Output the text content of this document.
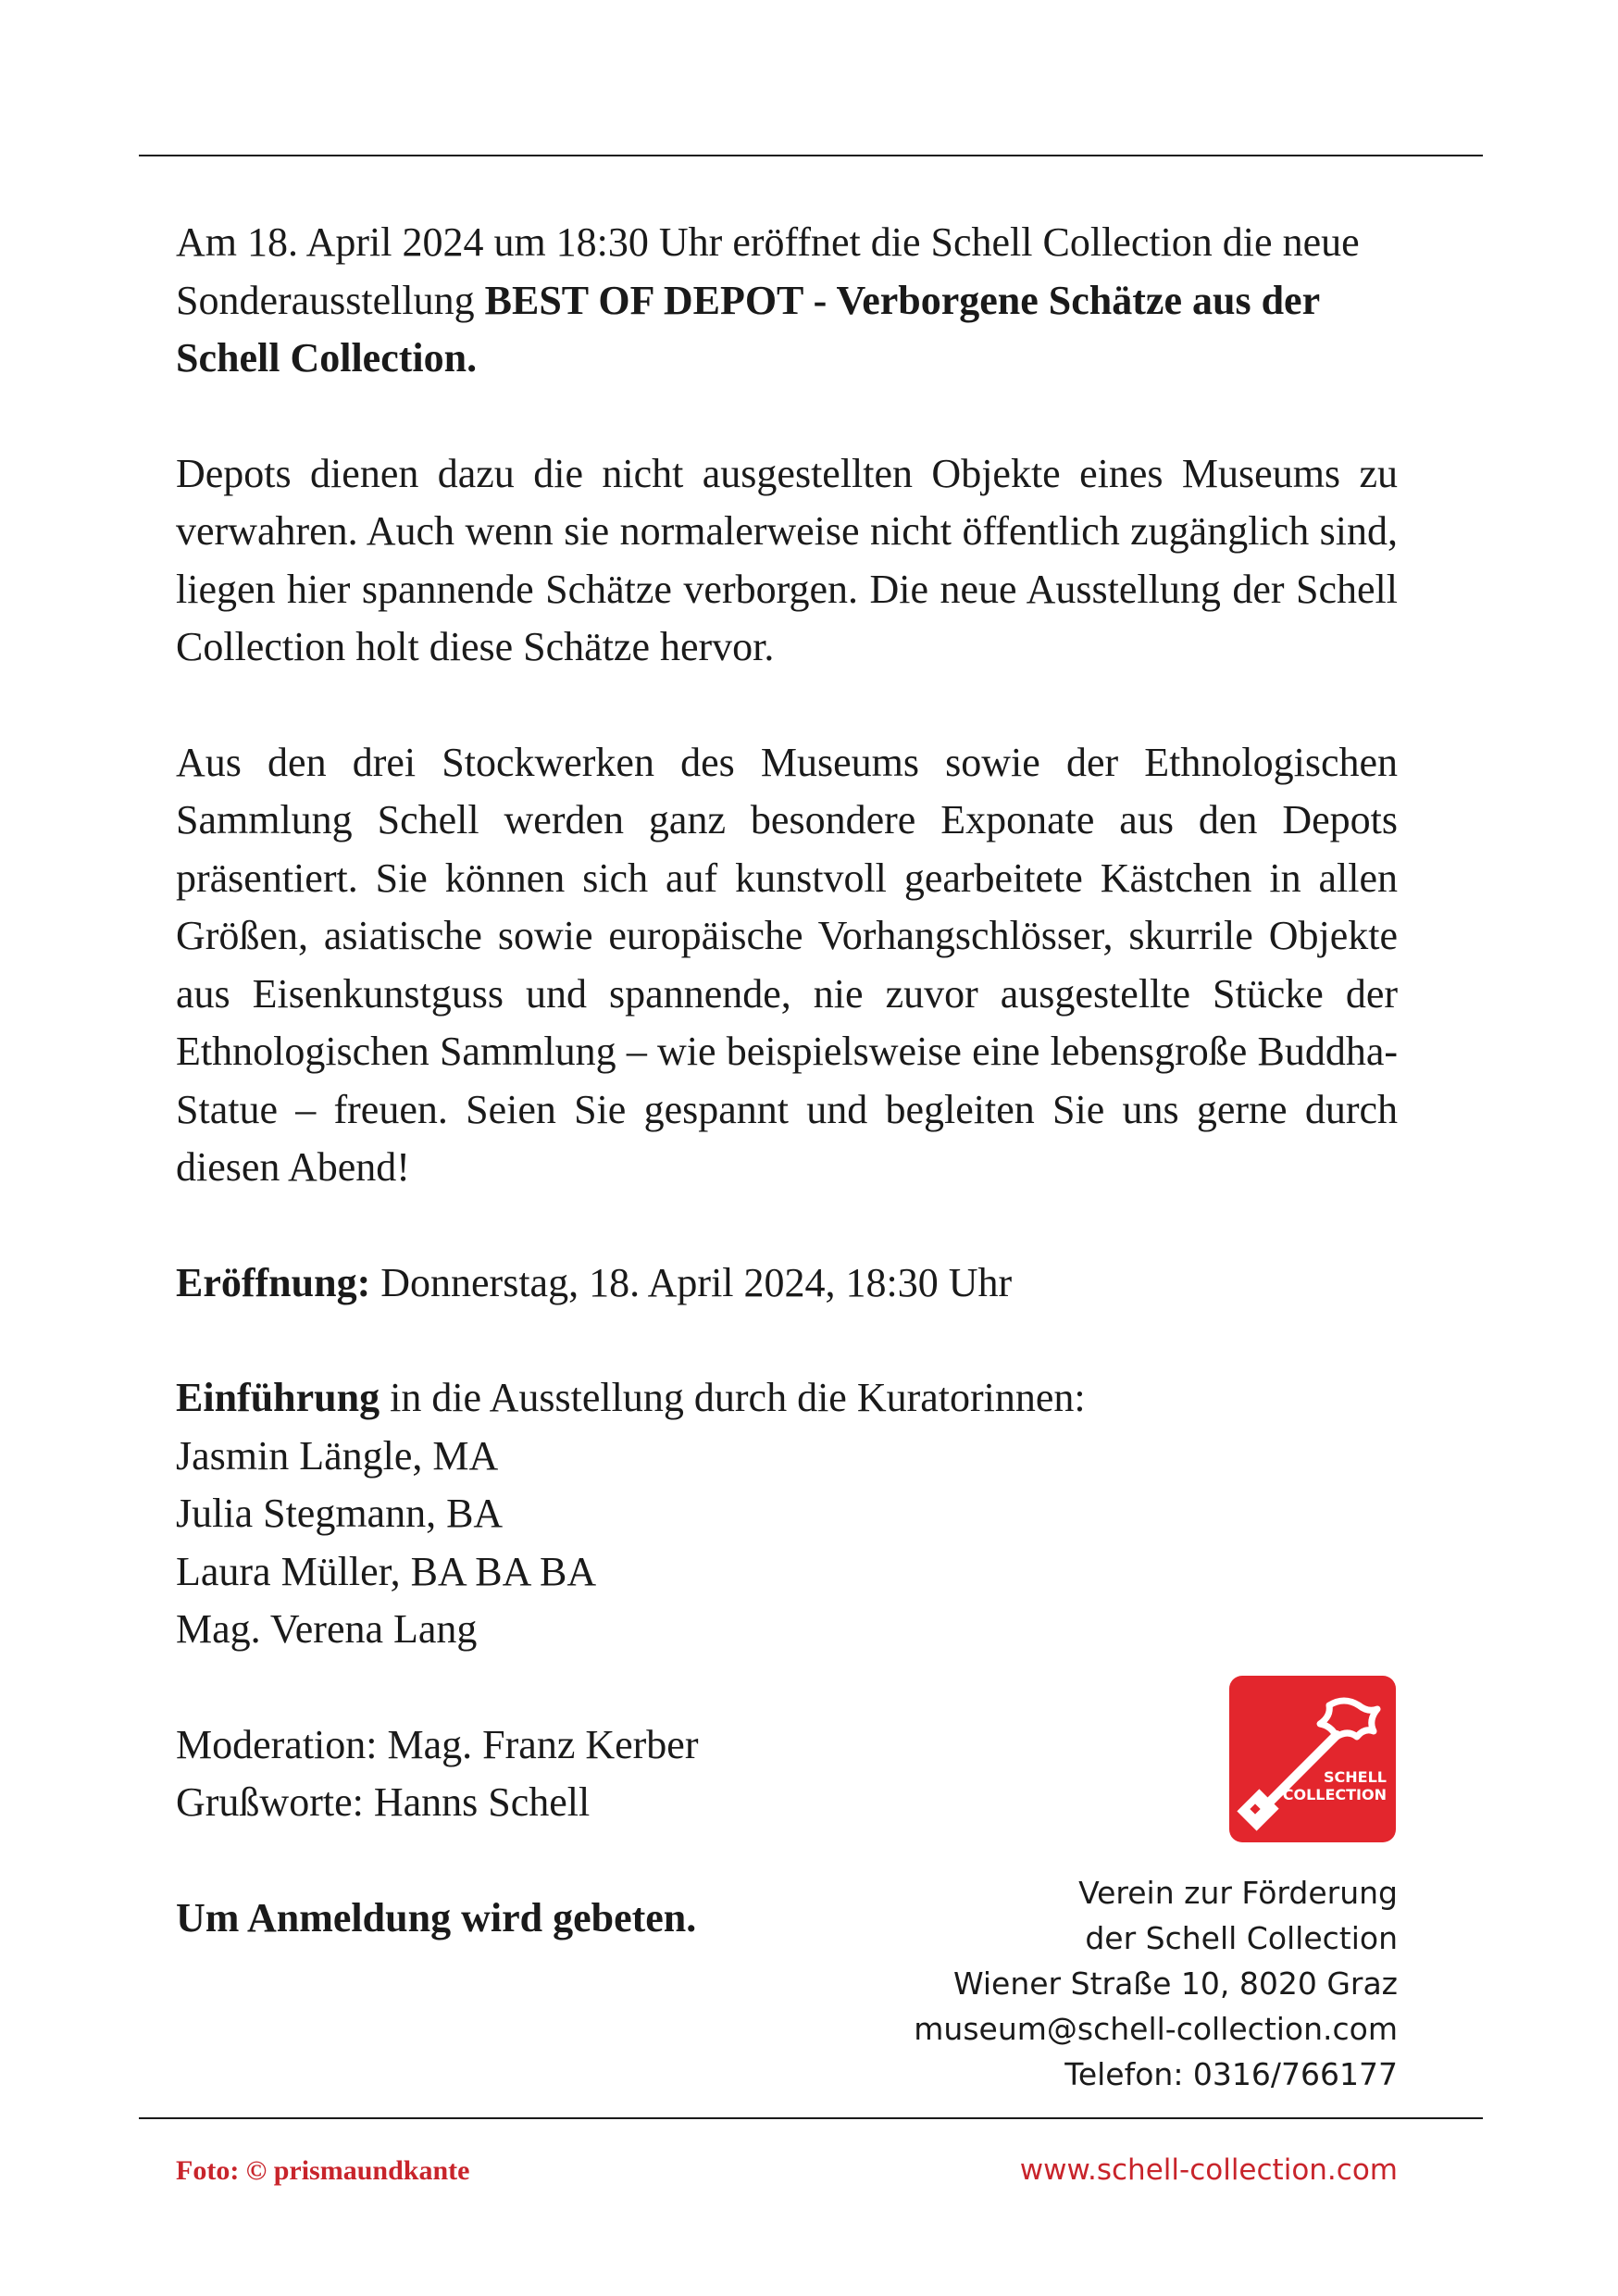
Am 18. April 2024 um 18:30 Uhr eröffnet die Schell Collection die neue

Sonderausstellung BEST OF DEPOT - Verborgene Schätze aus der Schell Collection.

Depots dienen dazu die nicht ausgestellten Objekte eines Museums zu verwahren. Auch wenn sie normalerweise nicht öffentlich zugänglich sind, liegen hier spannende Schätze verborgen. Die neue Ausstellung der Schell Collection holt diese Schätze hervor.

Aus den drei Stockwerken des Museums sowie der Ethnologischen Sammlung Schell werden ganz besondere Exponate aus den Depots präsentiert. Sie können sich auf kunstvoll gearbeitete Kästchen in allen Größen, asiatische sowie europäische Vorhangschlösser, skurrile Objekte aus Eisenkunstguss und spannende, nie zuvor ausgestellte Stücke der Ethnologischen Sammlung – wie beispielsweise eine lebensgroße Buddha-Statue – freuen. Seien Sie gespannt und begleiten Sie uns gerne durch diesen Abend!

Eröffnung: Donnerstag, 18. April 2024, 18:30 Uhr

Einführung in die Ausstellung durch die Kuratorinnen:

Jasmin Längle, MA

Julia Stegmann, BA

Laura Müller, BA BA BA

Mag. Verena Lang

Moderation: Mag. Franz Kerber

Grußworte: Hanns Schell

Um Anmeldung wird gebeten.

SCHELL
COLLECTION
Verein zur Förderung
der Schell Collection
Wiener Straße 10, 8020 Graz
museum@schell-collection.com
Telefon: 0316/766177
Foto: © prismaundkante	www.schell-collection.com
